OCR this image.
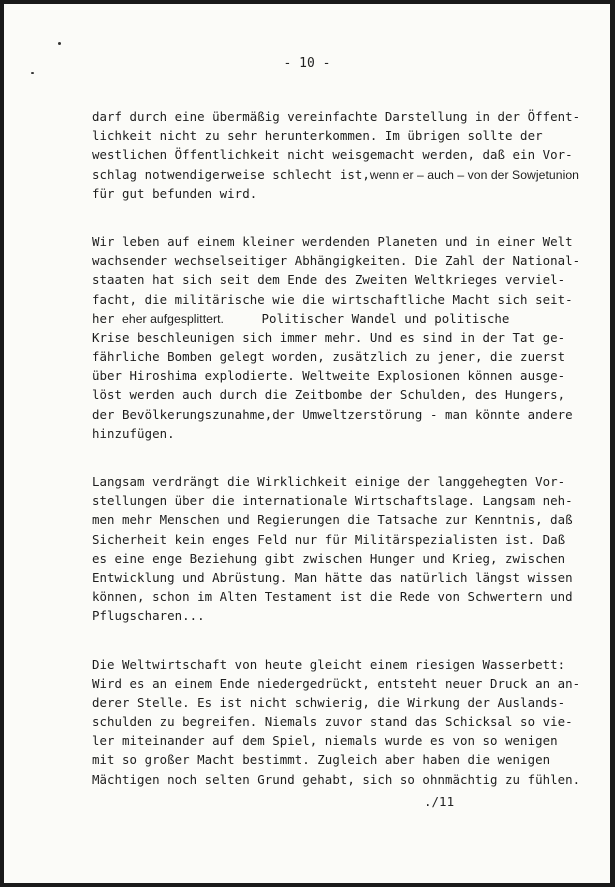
- 10 -
darf durch eine übermäßig vereinfachte Darstellung in der Öffent-
lichkeit nicht zu sehr herunterkommen. Im übrigen sollte der
westlichen Öffentlichkeit nicht weisgemacht werden, daß ein Vor-
schlag notwendigerweise schlecht ist,wenn er – auch – von der Sowjetunion
für gut befunden wird.
Wir leben auf einem kleiner werdenden Planeten und in einer Welt
wachsender wechselseitiger Abhängigkeiten. Die Zahl der National-
staaten hat sich seit dem Ende des Zweiten Weltkrieges verviel-
facht, die militärische wie die wirtschaftliche Macht sich seit-
her eher aufgesplittert.     Politischer Wandel und politische
Krise beschleunigen sich immer mehr. Und es sind in der Tat ge-
fährliche Bomben gelegt worden, zusätzlich zu jener, die zuerst
über Hiroshima explodierte. Weltweite Explosionen können ausge-
löst werden auch durch die Zeitbombe der Schulden, des Hungers,
der Bevölkerungszunahme,der Umweltzerstörung - man könnte andere
hinzufügen.
Langsam verdrängt die Wirklichkeit einige der langgehegten Vor-
stellungen über die internationale Wirtschaftslage. Langsam neh-
men mehr Menschen und Regierungen die Tatsache zur Kenntnis, daß
Sicherheit kein enges Feld nur für Militärspezialisten ist. Daß
es eine enge Beziehung gibt zwischen Hunger und Krieg, zwischen
Entwicklung und Abrüstung. Man hätte das natürlich längst wissen
können, schon im Alten Testament ist die Rede von Schwertern und
Pflugscharen...
Die Weltwirtschaft von heute gleicht einem riesigen Wasserbett:
Wird es an einem Ende niedergedrückt, entsteht neuer Druck an an-
derer Stelle. Es ist nicht schwierig, die Wirkung der Auslands-
schulden zu begreifen. Niemals zuvor stand das Schicksal so vie-
ler miteinander auf dem Spiel, niemals wurde es von so wenigen
mit so großer Macht bestimmt. Zugleich aber haben die wenigen
Mächtigen noch selten Grund gehabt, sich so ohnmächtig zu fühlen.
./11
